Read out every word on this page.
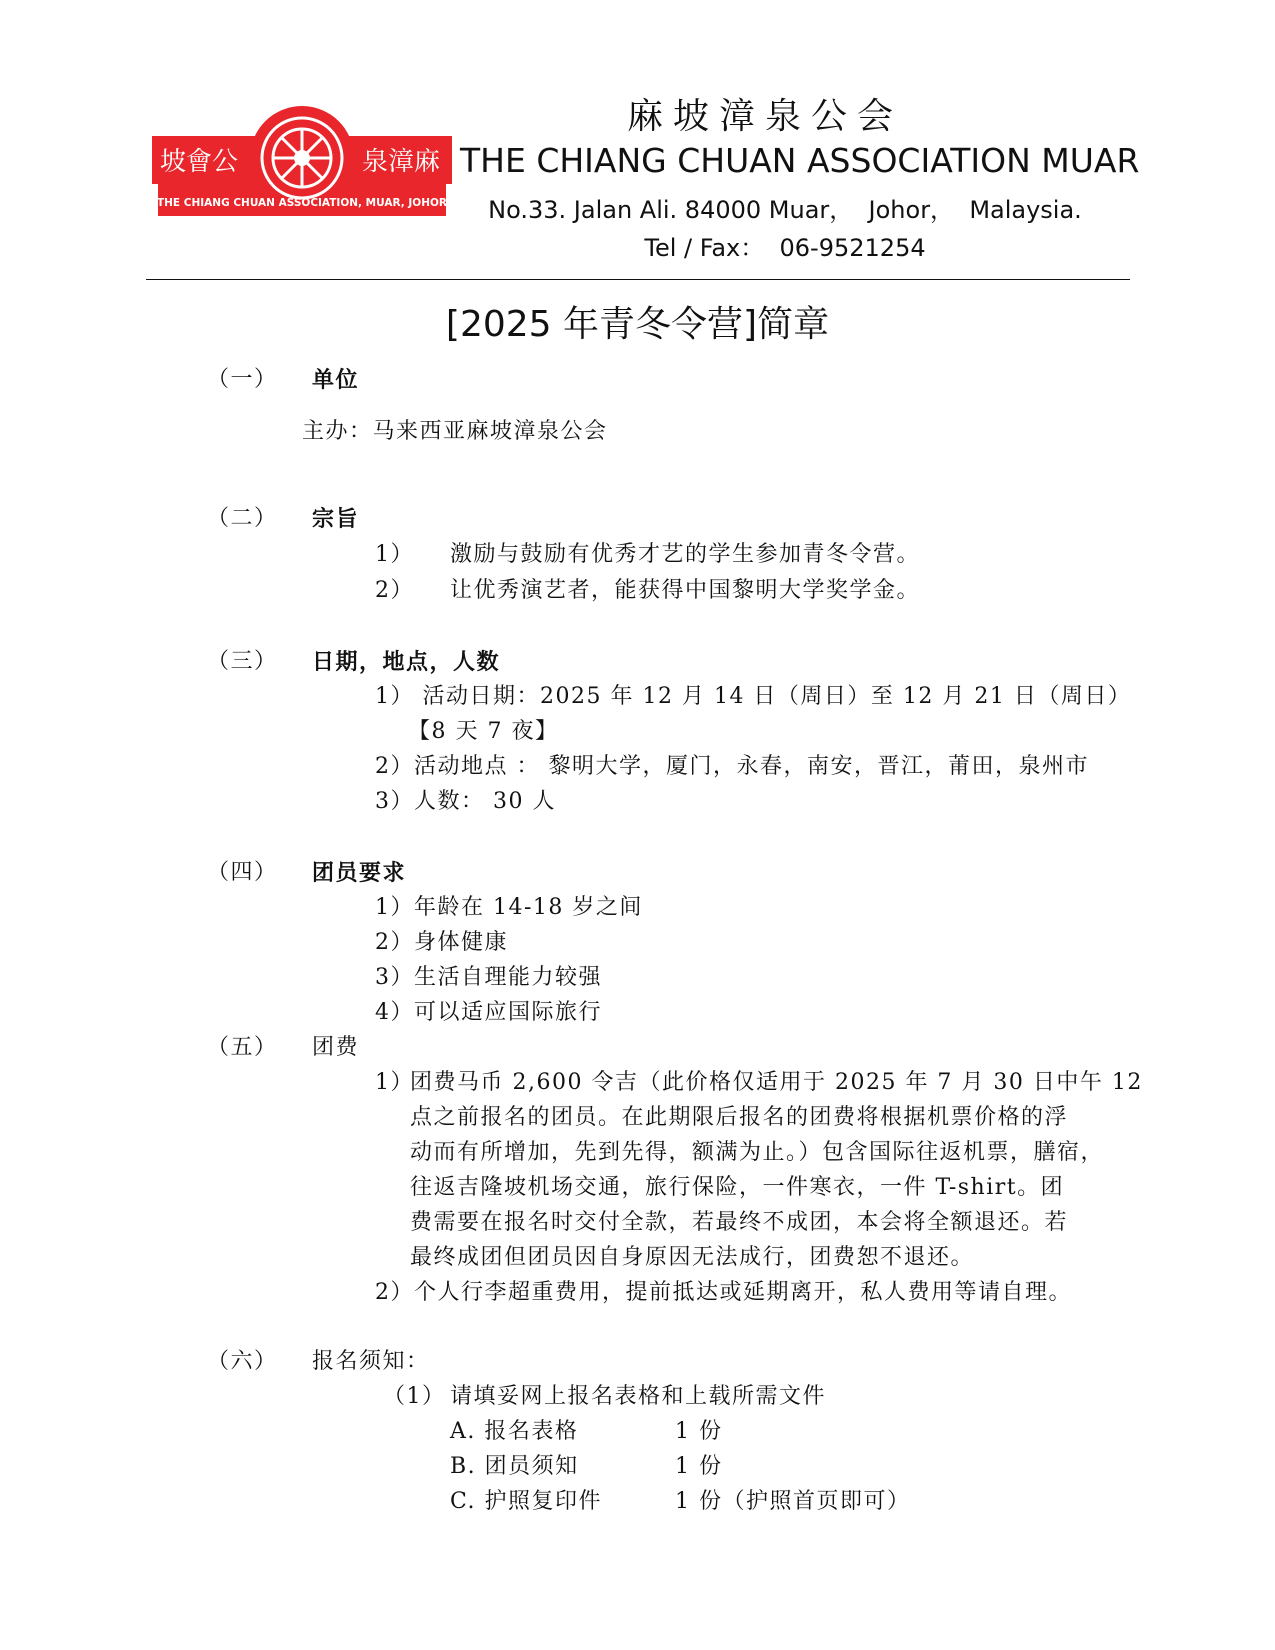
坡會公	泉漳麻
THE CHIANG CHUAN ASSOCIATION, MUAR, JOHOR
麻坡漳泉公会
THE CHIANG CHUAN ASSOCIATION MUAR
No.33. Jalan Ali. 84000 Muar，  Johor，  Malaysia.
Tel / Fax：  06-9521254
[2025 年青冬令营]简章
（一） 单位
主办：马来西亚麻坡漳泉公会
（二） 宗旨
1） 激励与鼓励有优秀才艺的学生参加青冬令营。
2） 让优秀演艺者，能获得中国黎明大学奖学金。
（三） 日期，地点，人数
1） 活动日期：2025 年 12 月 14 日（周日）至 12 月 21 日（周日）
【8 天 7 夜】
2）活动地点 ： 黎明大学，厦门，永春，南安，晋江，莆田，泉州市
3）人数： 30 人
（四） 团员要求
1）年龄在 14-18 岁之间
2）身体健康
3）生活自理能力较强
4）可以适应国际旅行
（五） 团费
1）
团费马币 2,600 令吉（此价格仅适用于 2025 年 7 月 30 日中午 12
点之前报名的团员。在此期限后报名的团费将根据机票价格的浮
动而有所增加，先到先得，额满为止。）包含国际往返机票，膳宿，
往返吉隆坡机场交通，旅行保险，一件寒衣，一件 T-shirt。团
费需要在报名时交付全款，若最终不成团，本会将全额退还。若
最终成团但团员因自身原因无法成行，团费恕不退还。
2）个人行李超重费用，提前抵达或延期离开，私人费用等请自理。
（六） 报名须知：
（1） 请填妥网上报名表格和上载所需文件
A. 报名表格	1 份
B. 团员须知	1 份
C. 护照复印件	1 份（护照首页即可）
